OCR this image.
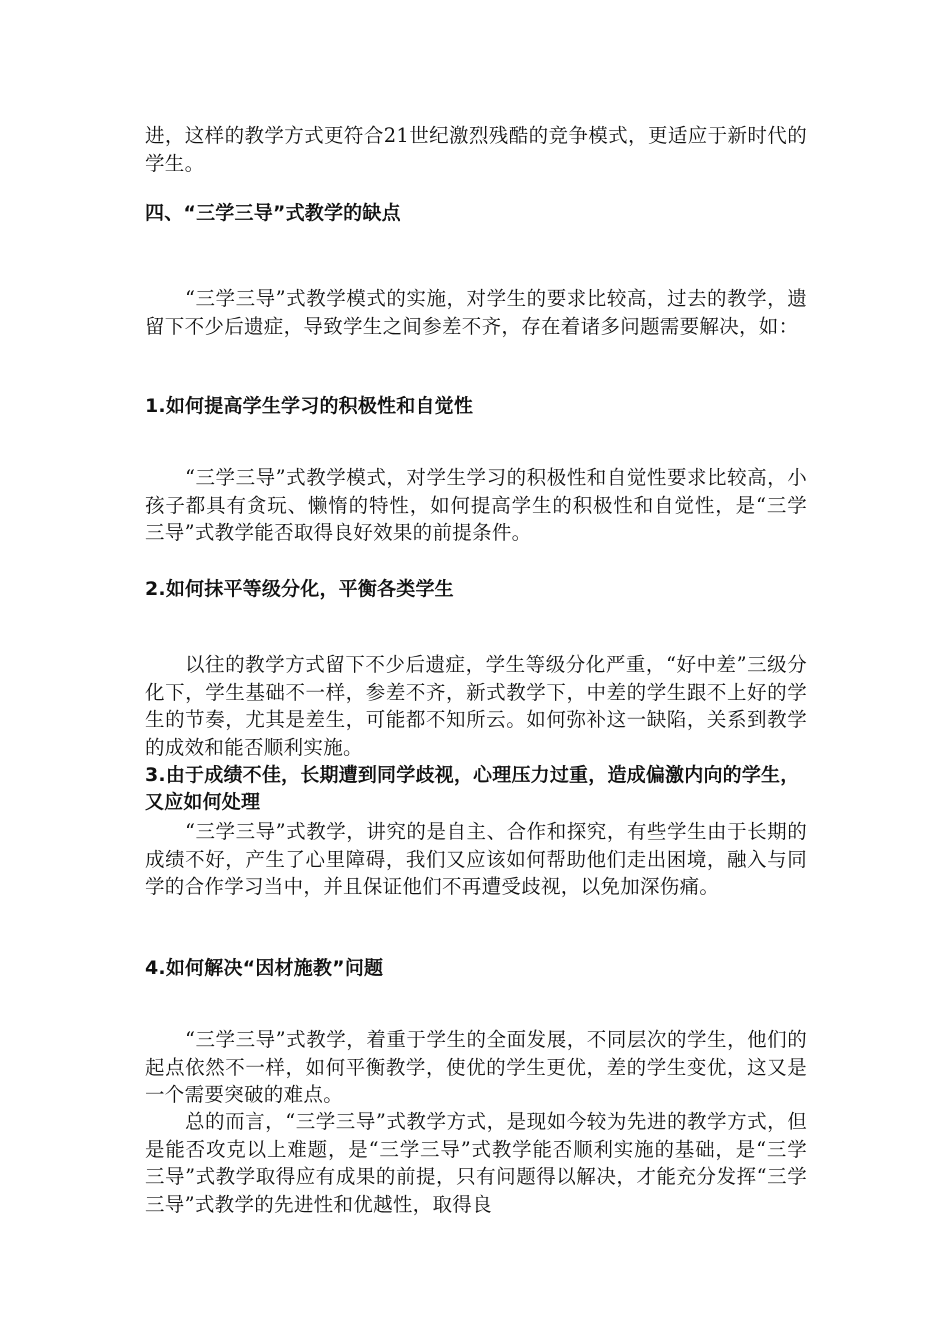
进，这样的教学方式更符合21世纪激烈残酷的竞争模式，更适应于新时代的学生。

四、“三学三导”式教学的缺点

“三学三导”式教学模式的实施，对学生的要求比较高，过去的教学，遗留下不少后遗症，导致学生之间参差不齐，存在着诸多问题需要解决，如：

1.如何提高学生学习的积极性和自觉性

“三学三导”式教学模式，对学生学习的积极性和自觉性要求比较高，小孩子都具有贪玩、懒惰的特性，如何提高学生的积极性和自觉性，是“三学三导”式教学能否取得良好效果的前提条件。

2.如何抹平等级分化，平衡各类学生

以往的教学方式留下不少后遗症，学生等级分化严重，“好中差”三级分化下，学生基础不一样，参差不齐，新式教学下，中差的学生跟不上好的学生的节奏，尤其是差生，可能都不知所云。如何弥补这一缺陷，关系到教学的成效和能否顺利实施。

3.由于成绩不佳，长期遭到同学歧视，心理压力过重，造成偏激内向的学生，又应如何处理

“三学三导”式教学，讲究的是自主、合作和探究，有些学生由于长期的成绩不好，产生了心里障碍，我们又应该如何帮助他们走出困境，融入与同学的合作学习当中，并且保证他们不再遭受歧视，以免加深伤痛。

4.如何解决“因材施教”问题

“三学三导”式教学，着重于学生的全面发展，不同层次的学生，他们的起点依然不一样，如何平衡教学，使优的学生更优，差的学生变优，这又是一个需要突破的难点。

总的而言，“三学三导”式教学方式，是现如今较为先进的教学方式，但是能否攻克以上难题，是“三学三导”式教学能否顺利实施的基础，是“三学三导”式教学取得应有成果的前提，只有问题得以解决，才能充分发挥“三学三导”式教学的先进性和优越性，取得良
